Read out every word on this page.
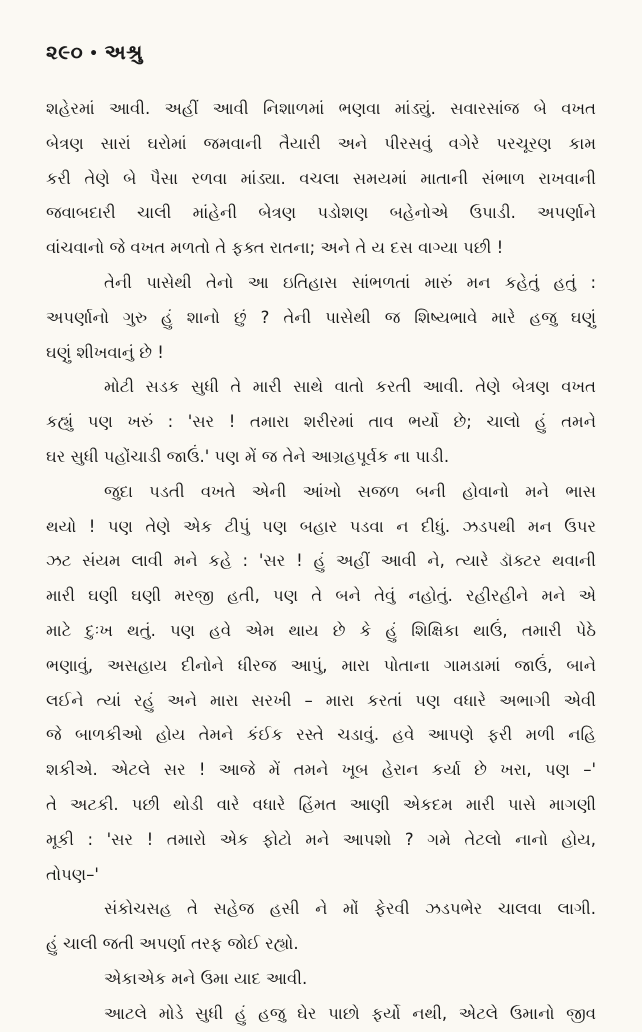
૨૯૦ • અશ્રુ
શહેરમાં આવી. અહીં આવી નિશાળમાં ભણવા માંડ્યું. સવારસાંજ બે વખત
બેત્રણ સારાં ઘરોમાં જમવાની તૈયારી અને પીરસવું વગેરે પરચૂરણ કામ
કરી તેણે બે પૈસા રળવા માંડ્યા. વચલા સમયમાં માતાની સંભાળ રાખવાની
જવાબદારી ચાલી માંહેની બેત્રણ પડોશણ બહેનોએ ઉપાડી. અપર્ણાને
વાંચવાનો જે વખત મળતો તે ફક્ત રાતના; અને તે ય દસ વાગ્યા પછી !
તેની પાસેથી તેનો આ ઇતિહાસ સાંભળતાં મારું મન કહેતું હતું :
અપર્ણાનો ગુરુ હું શાનો છું ? તેની પાસેથી જ શિષ્યભાવે મારે હજુ ઘણું
ઘણું શીખવાનું છે !
મોટી સડક સુધી તે મારી સાથે વાતો કરતી આવી. તેણે બેત્રણ વખત
કહ્યું પણ ખરું : 'સર ! તમારા શરીરમાં તાવ ભર્યો છે; ચાલો હું તમને
ઘર સુધી પહોંચાડી જાઉં.' પણ મેં જ તેને આગ્રહપૂર્વક ના પાડી.
જુદા પડતી વખતે એની આંખો સજળ બની હોવાનો મને ભાસ
થયો ! પણ તેણે એક ટીપું પણ બહાર પડવા ન દીધું. ઝડપથી મન ઉપર
ઝટ સંયમ લાવી મને કહે : 'સર ! હું અહીં આવી ને, ત્યારે ડૉક્ટર થવાની
મારી ઘણી ઘણી મરજી હતી, પણ તે બને તેવું નહોતું. રહીરહીને મને એ
માટે દુઃખ થતું. પણ હવે એમ થાય છે કે હું શિક્ષિકા થાઉં, તમારી પેઠે
ભણાવું, અસહાય દીનોને ધીરજ આપું, મારા પોતાના ગામડામાં જાઉં, બાને
લઈને ત્યાં રહું અને મારા સરખી – મારા કરતાં પણ વધારે અભાગી એવી
જે બાળકીઓ હોય તેમને કંઈક રસ્તે ચડાવું. હવે આપણે ફરી મળી નહિ
શકીએ. એટલે સર ! આજે મેં તમને ખૂબ હેરાન કર્યા છે ખરા, પણ –'
તે અટકી. પછી થોડી વારે વધારે હિંમત આણી એકદમ મારી પાસે માગણી
મૂકી : 'સર ! તમારો એક ફોટો મને આપશો ? ગમે તેટલો નાનો હોય,
તોપણ–'
સંકોચસહ તે સહેજ હસી ને મોં ફેરવી ઝડપભેર ચાલવા લાગી.
હું ચાલી જતી અપર્ણા તરફ જોઈ રહ્યો.
એકાએક મને ઉમા યાદ આવી.
આટલે મોડે સુધી હું હજુ ઘેર પાછો ફર્યો નથી, એટલે ઉમાનો જીવ
